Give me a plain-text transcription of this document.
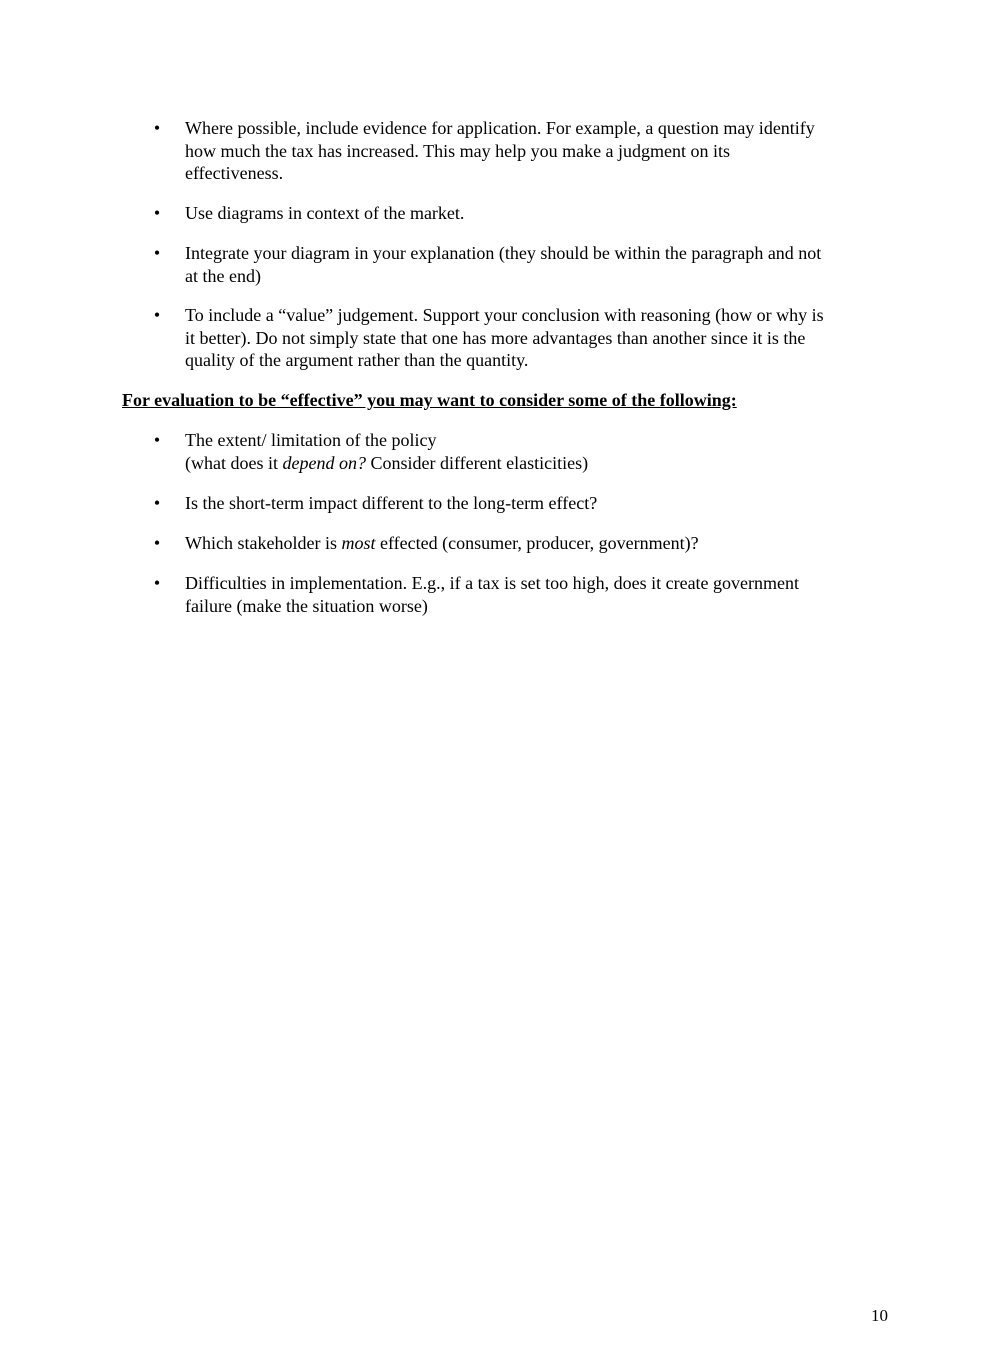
• Where possible, include evidence for application. For example, a question may identify
how much the tax has increased. This may help you make a judgment on its
effectiveness.
• Use diagrams in context of the market.
• Integrate your diagram in your explanation (they should be within the paragraph and not
at the end)
• To include a “value” judgement. Support your conclusion with reasoning (how or why is
it better). Do not simply state that one has more advantages than another since it is the
quality of the argument rather than the quantity.
For evaluation to be “effective” you may want to consider some of the following:
• The extent/ limitation of the policy
(what does it depend on? Consider different elasticities)
• Is the short-term impact different to the long-term effect?
• Which stakeholder is most effected (consumer, producer, government)?
• Difficulties in implementation. E.g., if a tax is set too high, does it create government
failure (make the situation worse)
10
